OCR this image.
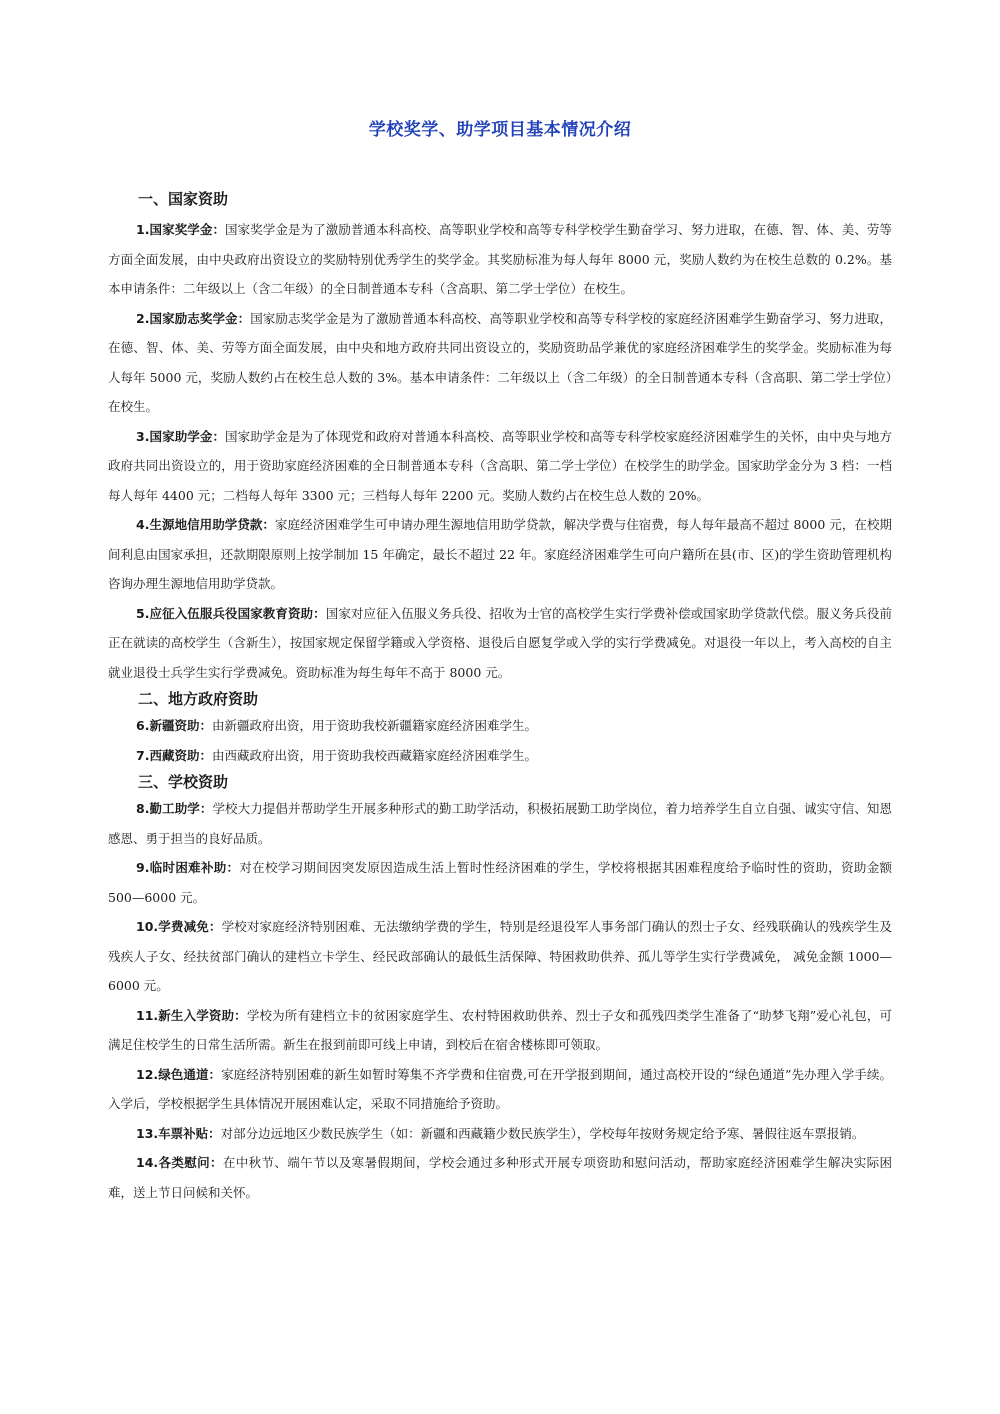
学校奖学、助学项目基本情况介绍
一、国家资助

1.国家奖学金：国家奖学金是为了激励普通本科高校、高等职业学校和高等专科学校学生勤奋学习、努力进取，在德、智、体、美、劳等方面全面发展，由中央政府出资设立的奖励特别优秀学生的奖学金。其奖励标准为每人每年 8000 元，奖励人数约为在校生总数的 0.2%。基本申请条件：二年级以上（含二年级）的全日制普通本专科（含高职、第二学士学位）在校生。

2.国家励志奖学金：国家励志奖学金是为了激励普通本科高校、高等职业学校和高等专科学校的家庭经济困难学生勤奋学习、努力进取，在德、智、体、美、劳等方面全面发展，由中央和地方政府共同出资设立的，奖励资助品学兼优的家庭经济困难学生的奖学金。奖励标准为每人每年 5000 元，奖励人数约占在校生总人数的 3%。基本申请条件：二年级以上（含二年级）的全日制普通本专科（含高职、第二学士学位）在校生。

3.国家助学金：国家助学金是为了体现党和政府对普通本科高校、高等职业学校和高等专科学校家庭经济困难学生的关怀，由中央与地方政府共同出资设立的，用于资助家庭经济困难的全日制普通本专科（含高职、第二学士学位）在校学生的助学金。国家助学金分为 3 档：一档每人每年 4400 元；二档每人每年 3300 元；三档每人每年 2200 元。奖励人数约占在校生总人数的 20%。

4.生源地信用助学贷款：家庭经济困难学生可申请办理生源地信用助学贷款，解决学费与住宿费，每人每年最高不超过 8000 元，在校期间利息由国家承担，还款期限原则上按学制加 15 年确定，最长不超过 22 年。家庭经济困难学生可向户籍所在县(市、区)的学生资助管理机构咨询办理生源地信用助学贷款。

5.应征入伍服兵役国家教育资助：国家对应征入伍服义务兵役、招收为士官的高校学生实行学费补偿或国家助学贷款代偿。服义务兵役前正在就读的高校学生（含新生），按国家规定保留学籍或入学资格、退役后自愿复学或入学的实行学费减免。对退役一年以上，考入高校的自主就业退役士兵学生实行学费减免。资助标准为每生每年不高于 8000 元。

二、地方政府资助

6.新疆资助：由新疆政府出资，用于资助我校新疆籍家庭经济困难学生。

7.西藏资助：由西藏政府出资，用于资助我校西藏籍家庭经济困难学生。

三、学校资助

8.勤工助学：学校大力提倡并帮助学生开展多种形式的勤工助学活动，积极拓展勤工助学岗位，着力培养学生自立自强、诚实守信、知恩感恩、勇于担当的良好品质。

9.临时困难补助：对在校学习期间因突发原因造成生活上暂时性经济困难的学生，学校将根据其困难程度给予临时性的资助，资助金额 500—6000 元。

10.学费减免：学校对家庭经济特别困难、无法缴纳学费的学生，特别是经退役军人事务部门确认的烈士子女、经残联确认的残疾学生及残疾人子女、经扶贫部门确认的建档立卡学生、经民政部确认的最低生活保障、特困救助供养、孤儿等学生实行学费减免， 减免金额 1000—6000 元。

11.新生入学资助：学校为所有建档立卡的贫困家庭学生、农村特困救助供养、烈士子女和孤残四类学生准备了“助梦飞翔”爱心礼包，可满足住校学生的日常生活所需。新生在报到前即可线上申请，到校后在宿舍楼栋即可领取。

12.绿色通道：家庭经济特别困难的新生如暂时筹集不齐学费和住宿费,可在开学报到期间，通过高校开设的“绿色通道”先办理入学手续。入学后，学校根据学生具体情况开展困难认定，采取不同措施给予资助。

13.车票补贴：对部分边远地区少数民族学生（如：新疆和西藏籍少数民族学生），学校每年按财务规定给予寒、暑假往返车票报销。

14.各类慰问：在中秋节、端午节以及寒暑假期间，学校会通过多种形式开展专项资助和慰问活动，帮助家庭经济困难学生解决实际困难，送上节日问候和关怀。
